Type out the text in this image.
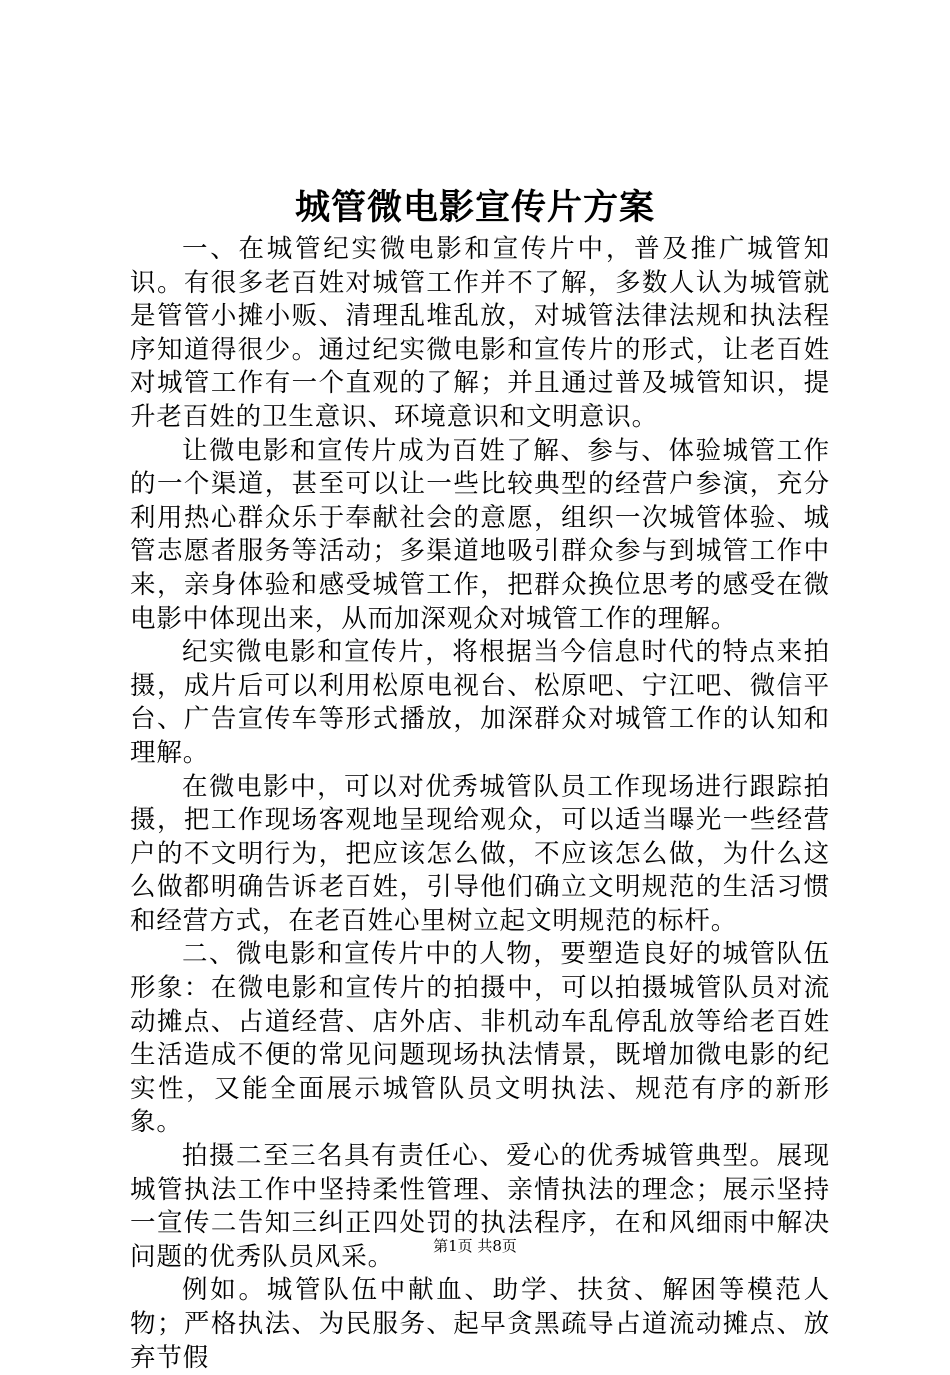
城管微电影宣传片方案

一、在城管纪实微电影和宣传片中，普及推广城管知识。有很多老百姓对城管工作并不了解，多数人认为城管就是管管小摊小贩、清理乱堆乱放，对城管法律法规和执法程序知道得很少。通过纪实微电影和宣传片的形式，让老百姓对城管工作有一个直观的了解；并且通过普及城管知识，提升老百姓的卫生意识、环境意识和文明意识。

让微电影和宣传片成为百姓了解、参与、体验城管工作的一个渠道，甚至可以让一些比较典型的经营户参演，充分利用热心群众乐于奉献社会的意愿，组织一次城管体验、城管志愿者服务等活动；多渠道地吸引群众参与到城管工作中来，亲身体验和感受城管工作，把群众换位思考的感受在微电影中体现出来，从而加深观众对城管工作的理解。

纪实微电影和宣传片，将根据当今信息时代的特点来拍摄，成片后可以利用松原电视台、松原吧、宁江吧、微信平台、广告宣传车等形式播放，加深群众对城管工作的认知和理解。

在微电影中，可以对优秀城管队员工作现场进行跟踪拍摄，把工作现场客观地呈现给观众，可以适当曝光一些经营户的不文明行为，把应该怎么做，不应该怎么做，为什么这么做都明确告诉老百姓，引导他们确立文明规范的生活习惯和经营方式，在老百姓心里树立起文明规范的标杆。

二、微电影和宣传片中的人物，要塑造良好的城管队伍形象：在微电影和宣传片的拍摄中，可以拍摄城管队员对流动摊点、占道经营、店外店、非机动车乱停乱放等给老百姓生活造成不便的常见问题现场执法情景，既增加微电影的纪实性，又能全面展示城管队员文明执法、规范有序的新形象。

拍摄二至三名具有责任心、爱心的优秀城管典型。展现城管执法工作中坚持柔性管理、亲情执法的理念；展示坚持一宣传二告知三纠正四处罚的执法程序，在和风细雨中解决问题的优秀队员风采。

例如。城管队伍中献血、助学、扶贫、解困等模范人物；严格执法、为民服务、起早贪黑疏导占道流动摊点、放弃节假

第1页 共8页
